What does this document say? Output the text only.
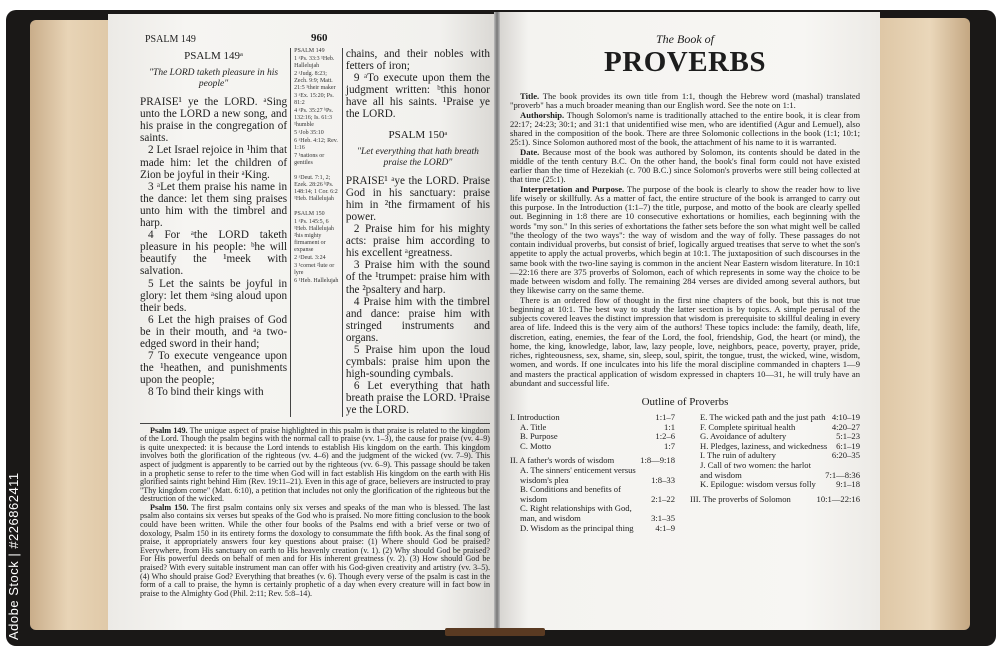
PSALM 149	960
PSALM 149ᵃ
"The LORD taketh pleasure in his people"

PRAISE¹ ye the LORD. ᵃSing unto the LORD a new song, and his praise in the congregation of saints.

2 Let Israel rejoice in ¹him that made him: let the children of Zion be joyful in their ᵃKing.

3 ᵃLet them praise his name in the dance: let them sing praises unto him with the timbrel and harp.

4 For ᵃthe LORD taketh pleasure in his people: ᵇhe will beautify the ¹meek with salvation.

5 Let the saints be joyful in glory: let them ᵃsing aloud upon their beds.

6 Let the high praises of God be in their mouth, and ᵃa two-edged sword in their hand;

7 To execute vengeance upon the ¹heathen, and punishments upon the people;

8 To bind their kings with

PSALM 149
1 ᵃPs. 33:3 ¹Heb. Hallelujah
2 ᵃJudg. 8:23; Zech. 9:9; Matt. 21:5 ¹their maker
3 ᵃEx. 15:20; Ps. 81:2
4 ᵃPs. 35:27 ᵇPs. 132:16; Is. 61:3 ¹humble
5 ᵃJob 35:10
6 ᵃHeb. 4:12; Rev. 1:16
7 ¹nations or gentiles
9 ᵃDeut. 7:1, 2; Ezek. 28:26 ᵇPs. 148:14; 1 Cor. 6:2 ¹Heb. Hallelujah
PSALM 150
1 ᵃPs. 145:5, 6 ¹Heb. Hallelujah ²his mighty firmament or expanse
2 ᵃDeut. 3:24
3 ¹cornet ²lute or lyre
6 ¹Heb. Hallelujah

chains, and their nobles with fetters of iron;

9 ᵃTo execute upon them the judgment written: ᵇthis honor have all his saints. ¹Praise ye the LORD.

PSALM 150ᵃ
"Let everything that hath breath praise the LORD"

PRAISE¹ ᵃye the LORD. Praise God in his sanctuary: praise him in ²the firmament of his power.

2 Praise him for his mighty acts: praise him according to his excellent ᵃgreatness.

3 Praise him with the sound of the ¹trumpet: praise him with the ²psaltery and harp.

4 Praise him with the timbrel and dance: praise him with stringed instruments and organs.

5 Praise him upon the loud cymbals: praise him upon the high-sounding cymbals.

6 Let everything that hath breath praise the LORD. ¹Praise ye the LORD.

Psalm 149. The unique aspect of praise highlighted in this psalm is that praise is related to the kingdom of the Lord. Though the psalm begins with the normal call to praise (vv. 1–3), the cause for praise (vv. 4–9) is quite unexpected: it is because the Lord intends to establish His kingdom on the earth. This kingdom involves both the glorification of the righteous (vv. 4–6) and the judgment of the wicked (vv. 7–9). This aspect of judgment is apparently to be carried out by the righteous (vv. 6–9). This passage should be taken in a prophetic sense to refer to the time when God will in fact establish His kingdom on the earth with His glorified saints right behind Him (Rev. 19:11–21). Even in this age of grace, believers are instructed to pray "Thy kingdom come" (Matt. 6:10), a petition that includes not only the glorification of the righteous but the destruction of the wicked.

Psalm 150. The first psalm contains only six verses and speaks of the man who is blessed. The last psalm also contains six verses but speaks of the God who is praised. No more fitting conclusion to the book could have been written. While the other four books of the Psalms end with a brief verse or two of doxology, Psalm 150 in its entirety forms the doxology to consummate the fifth book. As the final song of praise, it appropriately answers four key questions about praise: (1) Where should God be praised? Everywhere, from His sanctuary on earth to His heavenly creation (v. 1). (2) Why should God be praised? For His powerful deeds on behalf of men and for His inherent greatness (v. 2). (3) How should God be praised? With every suitable instrument man can offer with his God-given creativity and artistry (vv. 3–5). (4) Who should praise God? Everything that breathes (v. 6). Though every verse of the psalm is cast in the form of a call to praise, the hymn is certainly prophetic of a day when every creature will in fact bow in praise to the Almighty God (Phil. 2:11; Rev. 5:8–14).

The Book of
PROVERBS

Title. The book provides its own title from 1:1, though the Hebrew word (mashal) translated "proverb" has a much broader meaning than our English word. See the note on 1:1.

Authorship. Though Solomon's name is traditionally attached to the entire book, it is clear from 22:17; 24:23; 30:1; and 31:1 that unidentified wise men, who are identified (Agur and Lemuel), also shared in the composition of the book. There are three Solomonic collections in the book (1:1; 10:1; 25:1). Since Solomon authored most of the book, the attachment of his name to it is warranted.

Date. Because most of the book was authored by Solomon, its contents should be dated in the middle of the tenth century B.C. On the other hand, the book's final form could not have existed earlier than the time of Hezekiah (c. 700 B.C.) since Solomon's proverbs were still being collected at that time (25:1).

Interpretation and Purpose. The purpose of the book is clearly to show the reader how to live life wisely or skillfully. As a matter of fact, the entire structure of the book is arranged to carry out this purpose. In the Introduction (1:1–7) the title, purpose, and motto of the book are clearly spelled out. Beginning in 1:8 there are 10 consecutive exhortations or homilies, each beginning with the words "my son." In this series of exhortations the father sets before the son what might well be called "the theology of the two ways": the way of wisdom and the way of folly. These passages do not contain individual proverbs, but consist of brief, logically argued treatises that serve to whet the son's appetite to apply the actual proverbs, which begin at 10:1. The juxtaposition of such discourses in the same book with the two-line saying is common in the ancient Near Eastern wisdom literature. In 10:1—22:16 there are 375 proverbs of Solomon, each of which represents in some way the choice to be made between wisdom and folly. The remaining 284 verses are divided among several authors, but they likewise carry on the same theme.

There is an ordered flow of thought in the first nine chapters of the book, but this is not true beginning at 10:1. The best way to study the latter section is by topics. A simple perusal of the subjects covered leaves the distinct impression that wisdom is prerequisite to skillful dealing in every area of life. Indeed this is the very aim of the authors! These topics include: the family, death, life, discretion, eating, enemies, the fear of the Lord, the fool, friendship, God, the heart (or mind), the home, the king, knowledge, labor, law, lazy people, love, neighbors, peace, poverty, prayer, pride, riches, righteousness, sex, shame, sin, sleep, soul, spirit, the tongue, trust, the wicked, wine, wisdom, women, and words. If one inculcates into his life the moral discipline commanded in chapters 1—9 and masters the practical application of wisdom expressed in chapters 10—31, he will truly have an abundant and successful life.

Outline of Proverbs
I. Introduction	1:1–7
A. Title	1:1
B. Purpose	1:2–6
C. Motto	1:7
II. A father's words of wisdom	1:8—9:18
A. The sinners' enticement versus wisdom's plea	1:8–33
B. Conditions and benefits of wisdom	2:1–22
C. Right relationships with God, man, and wisdom	3:1–35
D. Wisdom as the principal thing	4:1–9
E. The wicked path and the just path 4:10–19
F. Complete spiritual health	4:20–27
G. Avoidance of adultery	5:1–23
H. Pledges, laziness, and wickedness	6:1–19
I. The ruin of adultery	6:20–35
J. Call of two women: the harlot and wisdom	7:1—8:36
K. Epilogue: wisdom versus folly	9:1–18
III. The proverbs of Solomon	10:1—22:16
Adobe Stock | #226862411
